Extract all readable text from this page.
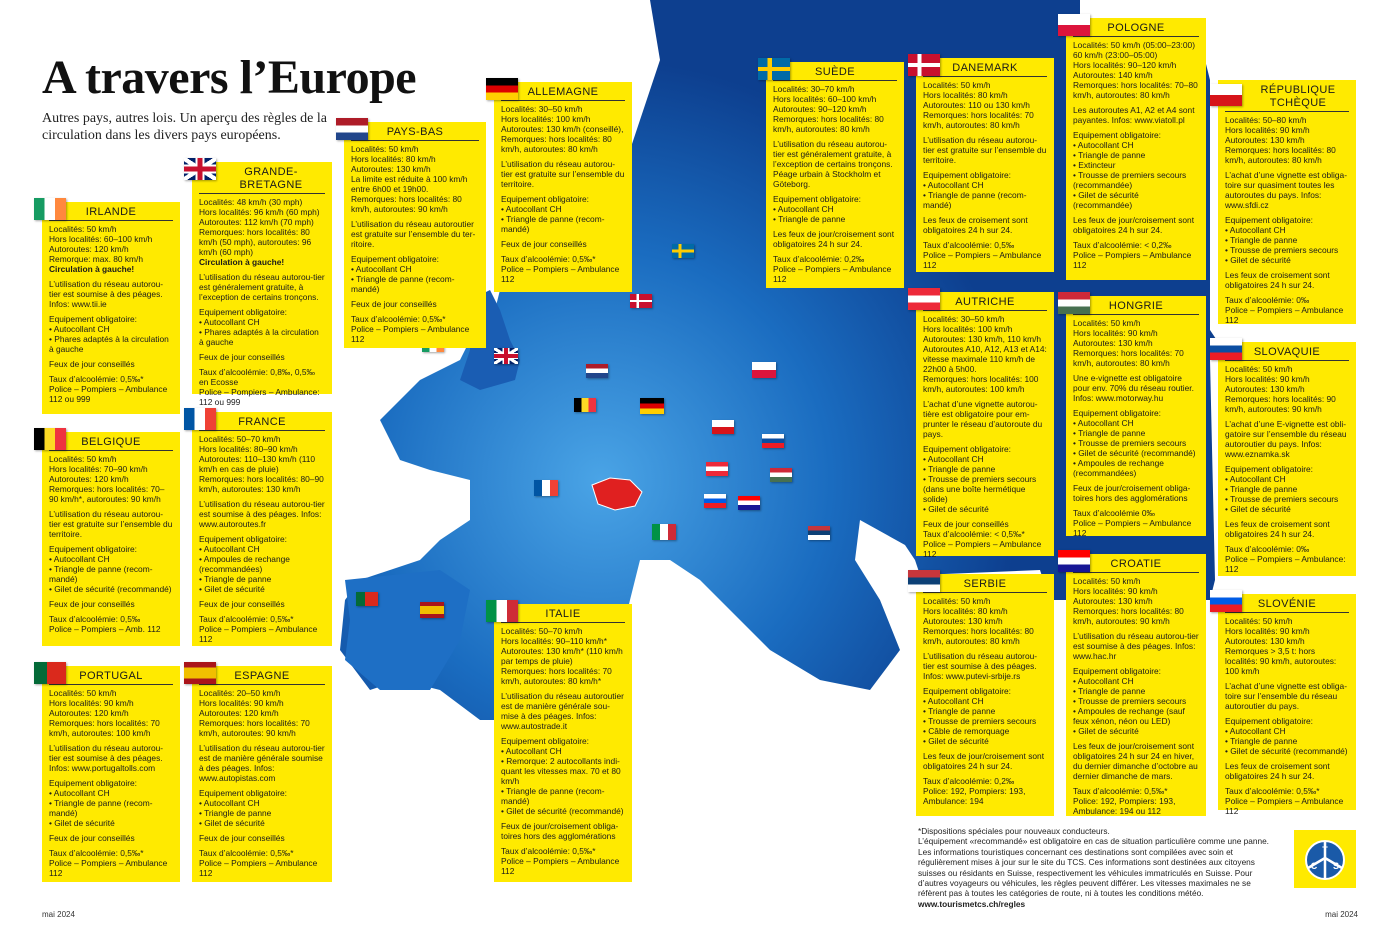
A travers l’Europe
Autres pays, autres lois. Un aperçu des règles de la circulation dans les divers pays européens.
IRLANDE
Localités: 50 km/h
Hors localités: 60–100 km/h
Autoroutes: 120 km/h
Remorque: max. 80 km/h
Circulation à gauche!
L’utilisation du réseau autorou-tier est soumise à des péages. Infos: www.tii.ie
Equipement obligatoire:
• Autocollant CH
• Phares adaptés à la circulation à gauche
Feux de jour conseillés
Taux d’alcoolémie: 0,5‰*
Police – Pompiers – Ambulance 112 ou 999
BELGIQUE
Localités: 50 km/h
Hors localités: 70–90 km/h
Autoroutes: 120 km/h
Remorques: hors localités: 70–90 km/h*, autoroutes: 90 km/h
L’utilisation du réseau autorou-tier est gratuite sur l’ensemble du territoire.
Equipement obligatoire:
• Autocollant CH
• Triangle de panne (recom-mandé)
• Gilet de sécurité (recommandé)
Feux de jour conseillés
Taux d’alcoolémie: 0,5‰
Police – Pompiers – Amb. 112
PORTUGAL
Localités: 50 km/h
Hors localités: 90 km/h
Autoroutes: 120 km/h
Remorques: hors localités: 70 km/h, autoroutes: 100 km/h
L’utilisation du réseau autorou-tier est soumise à des péages. Infos: www.portugaltolls.com
Equipement obligatoire:
• Autocollant CH
• Triangle de panne (recom-mandé)
• Gilet de sécurité
Feux de jour conseillés
Taux d’alcoolémie: 0,5‰*
Police – Pompiers – Ambulance 112
GRANDE-BRETAGNE
Localités: 48 km/h (30 mph)
Hors localités: 96 km/h (60 mph)
Autoroutes: 112 km/h (70 mph)
Remorques: hors localités: 80 km/h (50 mph), autoroutes: 96 km/h (60 mph)
Circulation à gauche!
L’utilisation du réseau autorou-tier est généralement gratuite, à l’exception de certains tronçons.
Equipement obligatoire:
• Autocollant CH
• Phares adaptés à la circulation à gauche
Feux de jour conseillés
Taux d’alcoolémie: 0,8‰, 0,5‰ en Ecosse
Police – Pompiers – Ambulance: 112 ou 999
FRANCE
Localités: 50–70 km/h
Hors localités: 80–90 km/h
Autoroutes: 110–130 km/h (110 km/h en cas de pluie)
Remorques: hors localités: 80–90 km/h, autoroutes: 130 km/h
L’utilisation du réseau autorou-tier est soumise à des péages. Infos: www.autoroutes.fr
Equipement obligatoire:
• Autocollant CH
• Ampoules de rechange (recommandées)
• Triangle de panne
• Gilet de sécurité
Feux de jour conseillés
Taux d’alcoolémie: 0,5‰*
Police – Pompiers – Ambulance 112
ESPAGNE
Localités: 20–50 km/h
Hors localités: 90 km/h
Autoroutes: 120 km/h
Remorques: hors localités: 70 km/h, autoroutes: 90 km/h
L’utilisation du réseau autorou-tier est de manière générale soumise à des péages. Infos: www.autopistas.com
Equipement obligatoire:
• Autocollant CH
• Triangle de panne
• Gilet de sécurité
Feux de jour conseillés
Taux d’alcoolémie: 0,5‰*
Police – Pompiers – Ambulance 112
PAYS-BAS
Localités: 50 km/h
Hors localités: 80 km/h
Autoroutes: 130 km/h
La limite est réduite à 100 km/h entre 6h00 et 19h00.
Remorques: hors localités: 80 km/h, autoroutes: 90 km/h
L’utilisation du réseau autoroutier est gratuite sur l’ensemble du ter-ritoire.
Equipement obligatoire:
• Autocollant CH
• Triangle de panne (recom-mandé)
Feux de jour conseillés
Taux d’alcoolémie: 0,5‰*
Police – Pompiers – Ambulance 112
ALLEMAGNE
Localités: 30–50 km/h
Hors localités: 100 km/h
Autoroutes: 130 km/h (conseillé),
Remorques: hors localités: 80 km/h, autoroutes: 80 km/h
L’utilisation du réseau autorou-tier est gratuite sur l’ensemble du territoire.
Equipement obligatoire:
• Autocollant CH
• Triangle de panne (recom-mandé)
Feux de jour conseillés
Taux d’alcoolémie: 0,5‰*
Police – Pompiers – Ambulance 112
ITALIE
Localités: 50–70 km/h
Hors localités: 90–110 km/h*
Autoroutes: 130 km/h* (110 km/h par temps de pluie)
Remorques: hors localités: 70 km/h, autoroutes: 80 km/h*
L’utilisation du réseau autoroutier est de manière générale sou-mise à des péages. Infos: www.autostrade.it
Equipement obligatoire:
• Autocollant CH
• Remorque: 2 autocollants indi-quant les vitesses max. 70 et 80 km/h
• Triangle de panne (recom-mandé)
• Gilet de sécurité (recommandé)
Feux de jour/croisement obliga-toires hors des agglomérations
Taux d’alcoolémie: 0,5‰*
Police – Pompiers – Ambulance 112
SUÈDE
Localités: 30–70 km/h
Hors localités: 60–100 km/h
Autoroutes: 90–120 km/h
Remorques: hors localités: 80 km/h, autoroutes: 80 km/h
L’utilisation du réseau autorou-tier est généralement gratuite, à l’exception de certains tronçons. Péage urbain à Stockholm et Göteborg.
Equipement obligatoire:
• Autocollant CH
• Triangle de panne
Les feux de jour/croisement sont obligatoires 24 h sur 24.
Taux d’alcoolémie: 0,2‰
Police – Pompiers – Ambulance 112
DANEMARK
Localités: 50 km/h
Hors localités: 80 km/h
Autoroutes: 110 ou 130 km/h
Remorques: hors localités: 70 km/h, autoroutes: 80 km/h
L’utilisation du réseau autorou-tier est gratuite sur l’ensemble du territoire.
Equipement obligatoire:
• Autocollant CH
• Triangle de panne (recom-mandé)
Les feux de croisement sont obligatoires 24 h sur 24.
Taux d’alcoolémie: 0,5‰
Police – Pompiers – Ambulance 112
AUTRICHE
Localités: 30–50 km/h
Hors localités: 100 km/h
Autoroutes: 130 km/h, 110 km/h
Autoroutes A10, A12, A13 et A14: vitesse maximale 110 km/h de 22h00 à 5h00.
Remorques: hors localités: 100 km/h, autoroutes: 100 km/h
L’achat d’une vignette autorou-tière est obligatoire pour em-prunter le réseau d’autoroute du pays.
Equipement obligatoire:
• Autocollant CH
• Triangle de panne
• Trousse de premiers secours (dans une boîte hermétique solide)
• Gilet de sécurité
Feux de jour conseillés
Taux d’alcoolémie: < 0,5‰*
Police – Pompiers – Ambulance 112
SERBIE
Localités: 50 km/h
Hors localités: 80 km/h
Autoroutes: 130 km/h
Remorques: hors localités: 80 km/h, autoroutes: 80 km/h
L’utilisation du réseau autorou-tier est soumise à des péages. Infos: www.putevi-srbije.rs
Equipement obligatoire:
• Autocollant CH
• Triangle de panne
• Trousse de premiers secours
• Câble de remorquage
• Gilet de sécurité
Les feux de jour/croisement sont obligatoires 24 h sur 24.
Taux d’alcoolémie: 0,2‰
Police: 192, Pompiers: 193, Ambulance: 194
POLOGNE
Localités: 50 km/h (05:00–23:00) 60 km/h (23:00–05:00)
Hors localités: 90–120 km/h
Autoroutes: 140 km/h
Remorques: hors localités: 70–80 km/h, autoroutes: 80 km/h
Les autoroutes A1, A2 et A4 sont payantes. Infos: www.viatoll.pl
Equipement obligatoire:
• Autocollant CH
• Triangle de panne
• Extincteur
• Trousse de premiers secours (recommandée)
• Gilet de sécurité (recommandée)
Les feux de jour/croisement sont obligatoires 24 h sur 24.
Taux d’alcoolémie: < 0,2‰
Police – Pompiers – Ambulance 112
HONGRIE
Localités: 50 km/h
Hors localités: 90 km/h
Autoroutes: 130 km/h
Remorques: hors localités: 70 km/h, autoroutes: 80 km/h
Une e-vignette est obligatoire pour env. 70% du réseau routier. Infos: www.motorway.hu
Equipement obligatoire:
• Autocollant CH
• Triangle de panne
• Trousse de premiers secours
• Gilet de sécurité (recommandé)
• Ampoules de rechange (recommandées)
Feux de jour/croisement obliga-toires hors des agglomérations
Taux d’alcoolémie 0‰
Police – Pompiers – Ambulance 112
CROATIE
Localités: 50 km/h
Hors localités: 90 km/h
Autoroutes: 130 km/h
Remorques: hors localités: 80 km/h, autoroutes: 90 km/h
L’utilisation du réseau autorou-tier est soumise à des péages. Infos: www.hac.hr
Equipement obligatoire:
• Autocollant CH
• Triangle de panne
• Trousse de premiers secours
• Ampoules de rechange (sauf feux xénon, néon ou LED)
• Gilet de sécurité
Les feux de jour/croisement sont obligatoires 24 h sur 24 en hiver, du dernier dimanche d’octobre au dernier dimanche de mars.
Taux d’alcoolémie: 0,5‰*
Police: 192, Pompiers: 193, Ambulance: 194 ou 112
RÉPUBLIQUE TCHÈQUE
Localités: 50–80 km/h
Hors localités: 90 km/h
Autoroutes: 130 km/h
Remorques: hors localités: 80 km/h, autoroutes: 80 km/h
L’achat d’une vignette est obliga-toire sur quasiment toutes les autoroutes du pays. Infos: www.sfdi.cz
Equipement obligatoire:
• Autocollant CH
• Triangle de panne
• Trousse de premiers secours
• Gilet de sécurité
Les feux de croisement sont obligatoires 24 h sur 24.
Taux d’alcoolémie: 0‰
Police – Pompiers – Ambulance 112
SLOVAQUIE
Localités: 50 km/h
Hors localités: 90 km/h
Autoroutes: 130 km/h
Remorques: hors localités: 90 km/h, autoroutes: 90 km/h
L’achat d’une E-vignette est obli-gatoire sur l’ensemble du réseau autoroutier du pays. Infos: www.eznamka.sk
Equipement obligatoire:
• Autocollant CH
• Triangle de panne
• Trousse de premiers secours
• Gilet de sécurité
Les feux de croisement sont obligatoires 24 h sur 24.
Taux d’alcoolémie: 0‰
Police – Pompiers – Ambulance: 112
SLOVÉNIE
Localités: 50 km/h
Hors localités: 90 km/h
Autoroutes: 130 km/h
Remorques > 3,5 t: hors localités: 90 km/h, autoroutes: 100 km/h
L’achat d’une vignette est obliga-toire sur l’ensemble du réseau autoroutier du pays.
Equipement obligatoire:
• Autocollant CH
• Triangle de panne
• Gilet de sécurité (recommandé)
Les feux de croisement sont obligatoires 24 h sur 24.
Taux d’alcoolémie: 0,5‰*
Police – Pompiers – Ambulance 112
*Dispositions spéciales pour nouveaux conducteurs.
L’équipement «recommandé» est obligatoire en cas de situation particulière comme une panne. Les informations touristiques concernant ces destinations sont compilées avec soin et régulièrement mises à jour sur le site du TCS. Ces informations sont destinées aux citoyens suisses ou résidants en Suisse, respectivement les véhicules immatriculés en Suisse. Pour d’autres voyageurs ou véhicules, les règles peuvent différer. Les vitesses maximales ne se réfèrent pas à toutes les catégories de route, ni à toutes les conditions météo. www.tourismetcs.ch/regles
T
C S
mai 2024	mai 2024
